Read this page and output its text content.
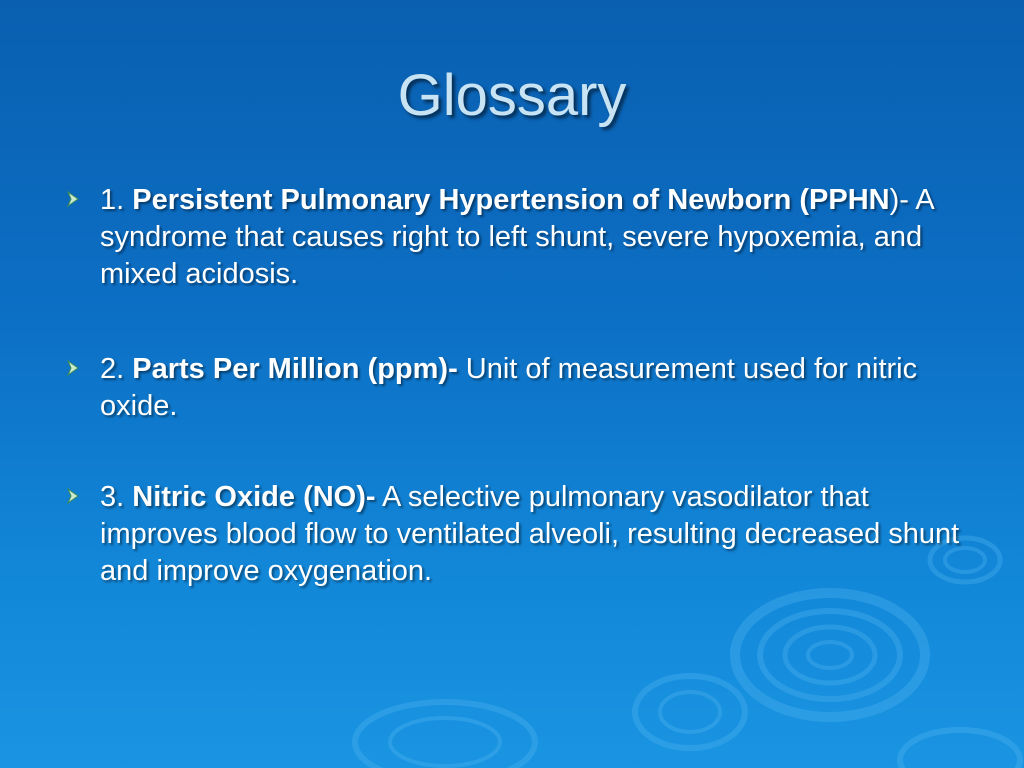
Glossary
1. Persistent Pulmonary Hypertension of Newborn (PPHN)- A syndrome that causes right to left shunt, severe hypoxemia, and mixed acidosis.
2. Parts Per Million (ppm)- Unit of measurement used for nitric oxide.
3. Nitric Oxide (NO)- A selective pulmonary vasodilator that improves blood flow to ventilated alveoli, resulting decreased shunt and improve oxygenation.
